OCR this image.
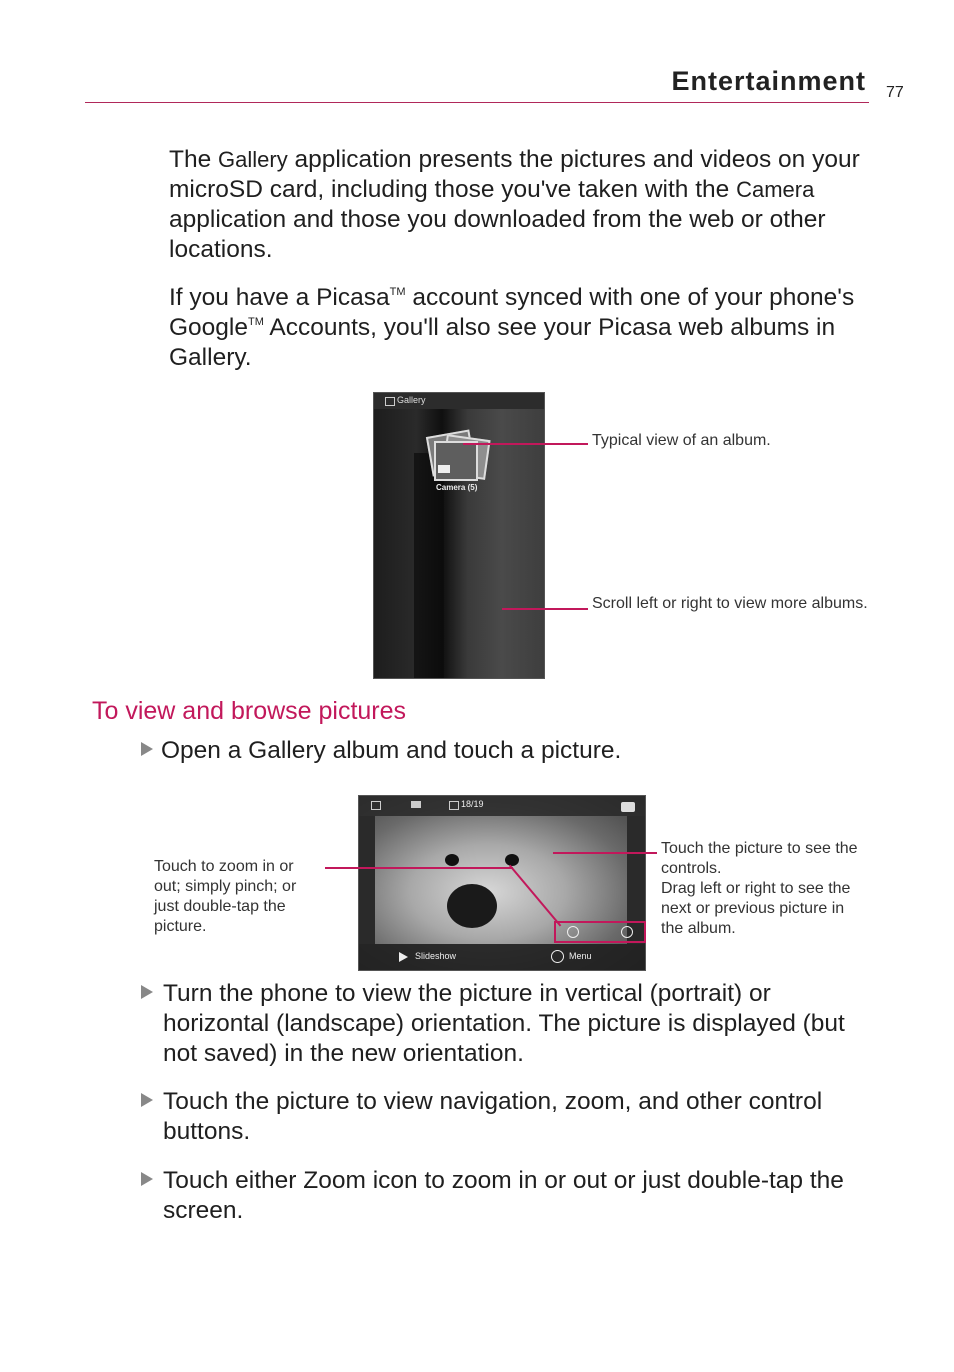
Entertainment 77
The Gallery application presents the pictures and videos on your microSD card, including those you've taken with the Camera application and those you downloaded from the web or other locations.
If you have a Picasa™ account synced with one of your phone's Google™ Accounts, you'll also see your Picasa web albums in Gallery.
Gallery
Camera (5)
Typical view of an album.
Scroll left or right to view more albums.
To view and browse pictures
Open a Gallery album and touch a picture.
18/19
Slideshow	Menu
Touch to zoom in or out; simply pinch; or just double-tap the picture.
Touch the picture to see the controls.
Drag left or right to see the next or previous picture in the album.
Turn the phone to view the picture in vertical (portrait) or horizontal (landscape) orientation. The picture is displayed (but not saved) in the new orientation.
Touch the picture to view navigation, zoom, and other control buttons.
Touch either Zoom icon to zoom in or out or just double-tap the screen.
